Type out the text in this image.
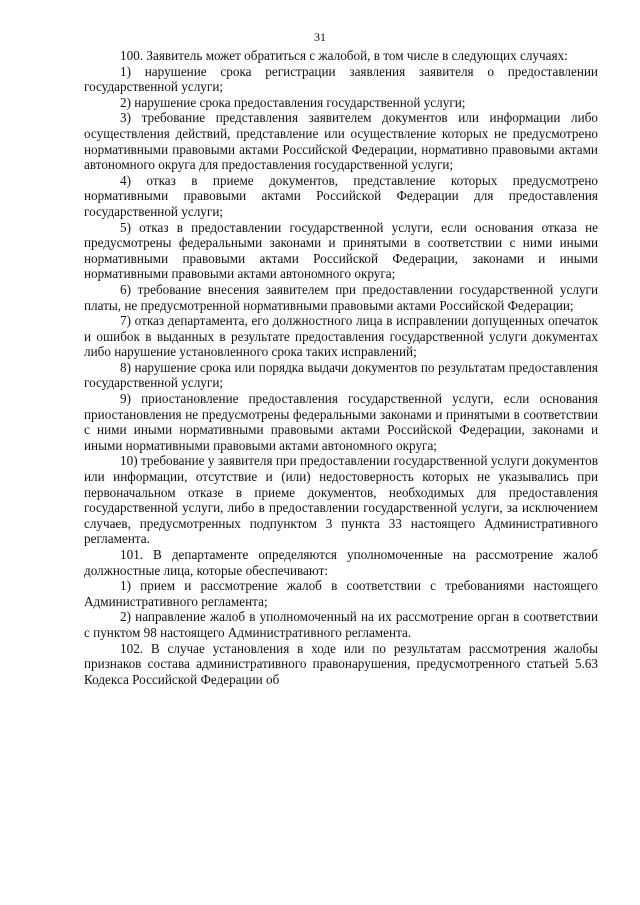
31

100. Заявитель может обратиться с жалобой, в том числе в следующих случаях:

1) нарушение срока регистрации заявления заявителя о предоставлении государственной услуги;

2) нарушение срока предоставления государственной услуги;

3) требование представления заявителем документов или информации либо осуществления действий, представление или осуществление которых не предусмотрено нормативными правовыми актами Российской Федерации, нормативно правовыми актами автономного округа для предоставления государственной услуги;

4) отказ в приеме документов, представление которых предусмотрено нормативными правовыми актами Российской Федерации для предоставления государственной услуги;

5) отказ в предоставлении государственной услуги, если основания отказа не предусмотрены федеральными законами и принятыми в соответствии с ними иными нормативными правовыми актами Российской Федерации, законами и иными нормативными правовыми актами автономного округа;

6) требование внесения заявителем при предоставлении государственной услуги платы, не предусмотренной нормативными правовыми актами Российской Федерации;

7) отказ департамента, его должностного лица в исправлении допущенных опечаток и ошибок в выданных в результате предоставления государственной услуги документах либо нарушение установленного срока таких исправлений;

8) нарушение срока или порядка выдачи документов по результатам предоставления государственной услуги;

9) приостановление предоставления государственной услуги, если основания приостановления не предусмотрены федеральными законами и принятыми в соответствии с ними иными нормативными правовыми актами Российской Федерации, законами и иными нормативными правовыми актами автономного округа;

10) требование у заявителя при предоставлении государственной услуги документов или информации, отсутствие и (или) недостоверность которых не указывались при первоначальном отказе в приеме документов, необходимых для предоставления государственной услуги, либо в предоставлении государственной услуги, за исключением случаев, предусмотренных подпунктом 3 пункта 33 настоящего Административного регламента.

101. В департаменте определяются уполномоченные на рассмотрение жалоб должностные лица, которые обеспечивают:

1) прием и рассмотрение жалоб в соответствии с требованиями настоящего Административного регламента;

2) направление жалоб в уполномоченный на их рассмотрение орган в соответствии с пунктом 98 настоящего Административного регламента.

102. В случае установления в ходе или по результатам рассмотрения жалобы признаков состава административного правонарушения, предусмотренного статьей 5.63 Кодекса Российской Федерации об
